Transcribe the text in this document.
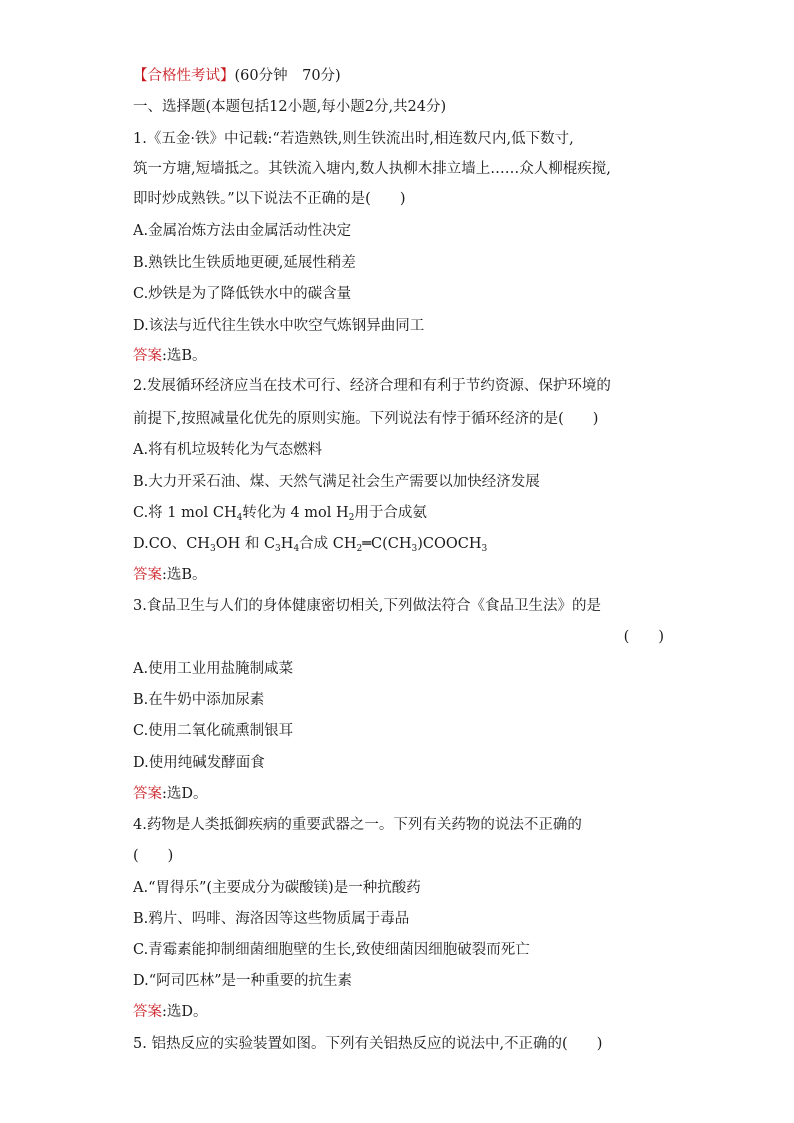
【合格性考试】(60分钟　70分)
一、选择题(本题包括12小题,每小题2分,共24分)
1.《五金·铁》中记载:“若造熟铁,则生铁流出时,相连数尺内,低下数寸,
筑一方塘,短墙抵之。其铁流入塘内,数人执柳木排立墙上……众人柳棍疾搅,
即时炒成熟铁。”以下说法不正确的是(　　)
A.金属冶炼方法由金属活动性决定
B.熟铁比生铁质地更硬,延展性稍差
C.炒铁是为了降低铁水中的碳含量
D.该法与近代往生铁水中吹空气炼钢异曲同工
答案:选B。
2.发展循环经济应当在技术可行、经济合理和有利于节约资源、保护环境的
前提下,按照减量化优先的原则实施。下列说法有悖于循环经济的是(　　)
A.将有机垃圾转化为气态燃料
B.大力开采石油、煤、天然气满足社会生产需要以加快经济发展
C.将 1 mol $CH_4$转化为 4 mol $H_2$用于合成氨
D.CO、$CH_3OH$ 和 $C_3H_4$合成 $CH_2═C(CH_3)COOCH_3$
答案:选B。
3.食品卫生与人们的身体健康密切相关,下列做法符合《食品卫生法》的是
(　　)
A.使用工业用盐腌制咸菜
B.在牛奶中添加尿素
C.使用二氧化硫熏制银耳
D.使用纯碱发酵面食
答案:选D。
4.药物是人类抵御疾病的重要武器之一。下列有关药物的说法不正确的
(　　)
A.“胃得乐”(主要成分为碳酸镁)是一种抗酸药
B.鸦片、吗啡、海洛因等这些物质属于毒品
C.青霉素能抑制细菌细胞壁的生长,致使细菌因细胞破裂而死亡
D.“阿司匹林”是一种重要的抗生素
答案:选D。
5. 铝热反应的实验装置如图。下列有关铝热反应的说法中,不正确的(　　)
